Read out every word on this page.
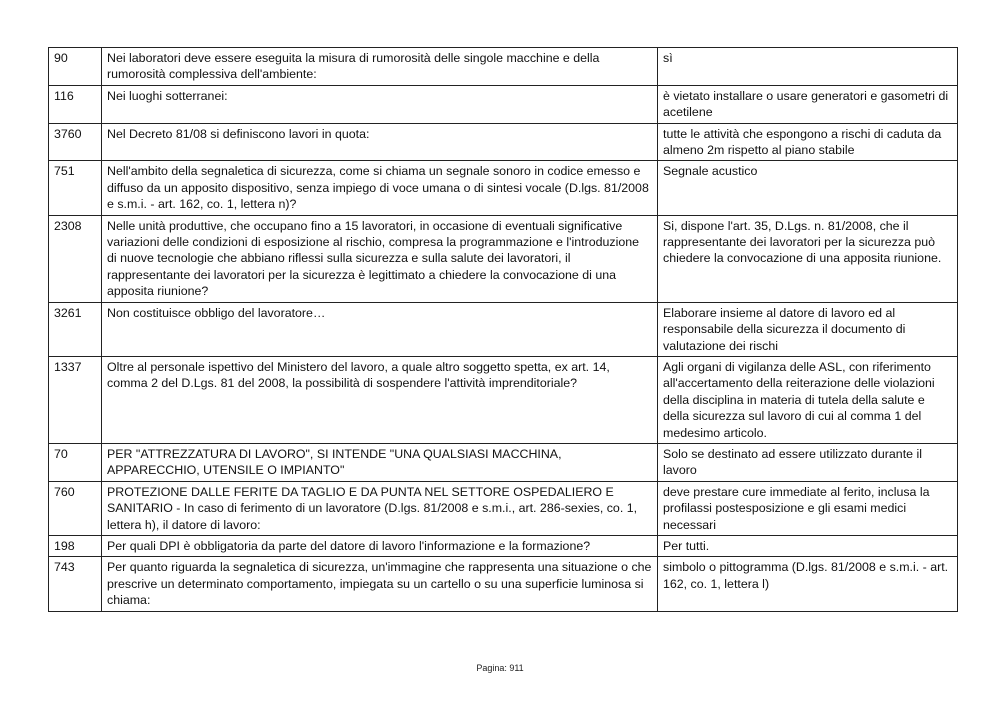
90	Nei laboratori deve essere eseguita la misura di rumorosità delle singole macchine e della rumorosità complessiva dell'ambiente:	sì
116	Nei luoghi sotterranei:	è vietato installare o usare generatori e gasometri di acetilene
3760	Nel Decreto 81/08 si definiscono lavori in quota:	tutte le attività che espongono a rischi di caduta da almeno 2m rispetto al piano stabile
751	Nell'ambito della segnaletica di sicurezza, come si chiama un segnale sonoro in codice emesso e diffuso da un apposito dispositivo, senza impiego di voce umana o di sintesi vocale (D.lgs. 81/2008 e s.m.i. - art. 162, co. 1, lettera n)?	Segnale acustico
2308	Nelle unità produttive, che occupano fino a 15 lavoratori, in occasione di eventuali significative variazioni delle condizioni di esposizione al rischio, compresa la programmazione e l'introduzione di nuove tecnologie che abbiano riflessi sulla sicurezza e sulla salute dei lavoratori, il rappresentante dei lavoratori per la sicurezza è legittimato a chiedere la convocazione di una apposita riunione?	Si, dispone l'art. 35, D.Lgs. n. 81/2008, che il rappresentante dei lavoratori per la sicurezza può chiedere la convocazione di una apposita riunione.
3261	Non costituisce obbligo del lavoratore…	Elaborare insieme al datore di lavoro ed al responsabile della sicurezza il documento di valutazione dei rischi
1337	Oltre al personale ispettivo del Ministero del lavoro, a quale altro soggetto spetta, ex art. 14, comma 2 del D.Lgs. 81 del 2008, la possibilità di sospendere l'attività imprenditoriale?	Agli organi di vigilanza delle ASL, con riferimento all'accertamento della reiterazione delle violazioni della disciplina in materia di tutela della salute e della sicurezza sul lavoro di cui al comma 1 del medesimo articolo.
70	PER "ATTREZZATURA DI LAVORO", SI INTENDE "UNA QUALSIASI MACCHINA, APPARECCHIO, UTENSILE O IMPIANTO"	Solo se destinato ad essere utilizzato durante il lavoro
760	PROTEZIONE DALLE FERITE DA TAGLIO E DA PUNTA NEL SETTORE OSPEDALIERO E SANITARIO - In caso di ferimento di un lavoratore (D.lgs. 81/2008 e s.m.i., art. 286-sexies, co. 1, lettera h), il datore di lavoro:	deve prestare cure immediate al ferito, inclusa la profilassi postesposizione e gli esami medici necessari
198	Per quali DPI è obbligatoria da parte del datore di lavoro l'informazione e la formazione?	Per tutti.
743	Per quanto riguarda la segnaletica di sicurezza, un'immagine che rappresenta una situazione o che prescrive un determinato comportamento, impiegata su un cartello o su una superficie luminosa si chiama:	simbolo o pittogramma (D.lgs. 81/2008 e s.m.i. - art. 162, co. 1, lettera l)
Pagina: 911
